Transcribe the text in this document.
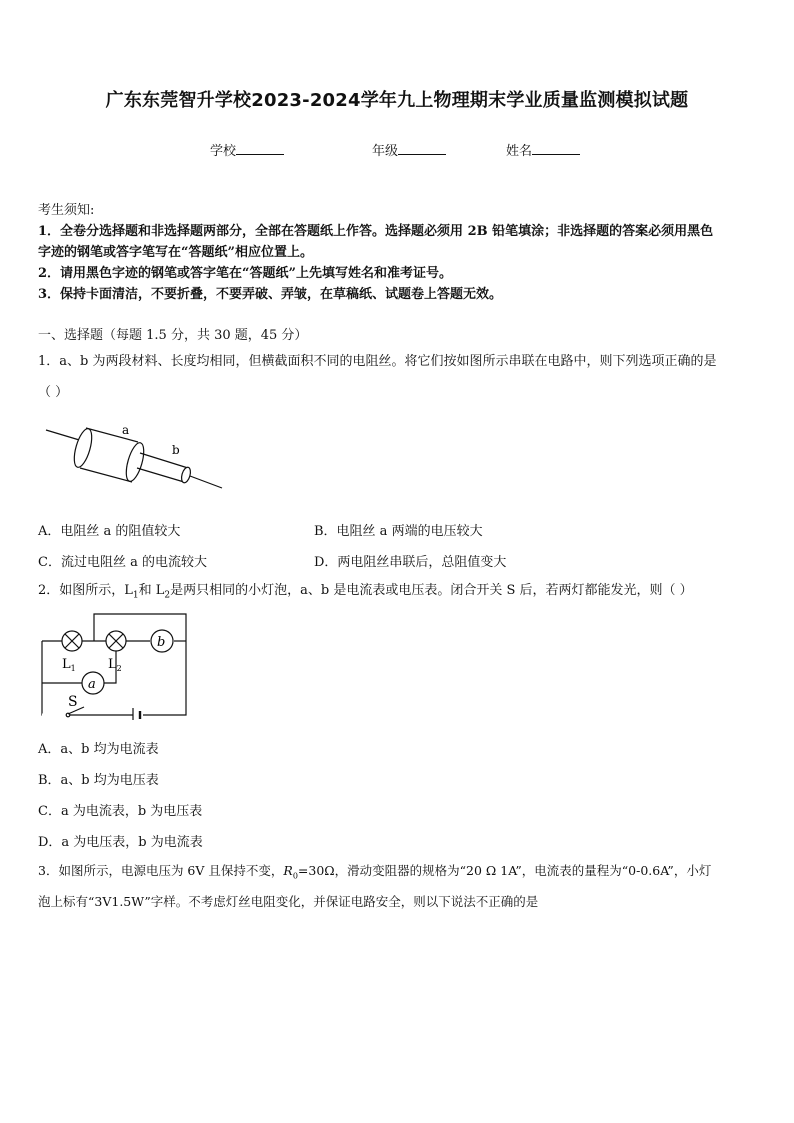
广东东莞智升学校2023-2024学年九上物理期末学业质量监测模拟试题
学校	年级	姓名
考生须知:
1．全卷分选择题和非选择题两部分，全部在答题纸上作答。选择题必须用 2B 铅笔填涂；非选择题的答案必须用黑色
字迹的钢笔或答字笔写在“答题纸”相应位置上。
2．请用黑色字迹的钢笔或答字笔在“答题纸”上先填写姓名和准考证号。
3．保持卡面清洁，不要折叠，不要弄破、弄皱，在草稿纸、试题卷上答题无效。
一、选择题（每题 1.5 分，共 30 题，45 分）
1．a、b 为两段材料、长度均相同，但横截面积不同的电阻丝。将它们按如图所示串联在电路中，则下列选项正确的是
（ ）
a
b
A．电阻丝 a 的阻值较大	B．电阻丝 a 两端的电压较大
C．流过电阻丝 a 的电流较大	D．两电阻丝串联后，总阻值变大
2．如图所示，$L_1$和 $L_2$是两只相同的小灯泡，a、b 是电流表或电压表。闭合开关 S 后，若两灯都能发光，则（ ）
b
a
$L_1$ $L_2$
S
A．a、b 均为电流表
B．a、b 均为电压表
C．a 为电流表，b 为电压表
D．a 为电压表，b 为电流表
3．如图所示，电源电压为 6V 且保持不变，$R_0=30\Omega$，滑动变阻器的规格为“20 Ω 1A”，电流表的量程为“0-0.6A”，小灯
泡上标有“3V1.5W”字样。不考虑灯丝电阻变化，并保证电路安全，则以下说法不正确的是
